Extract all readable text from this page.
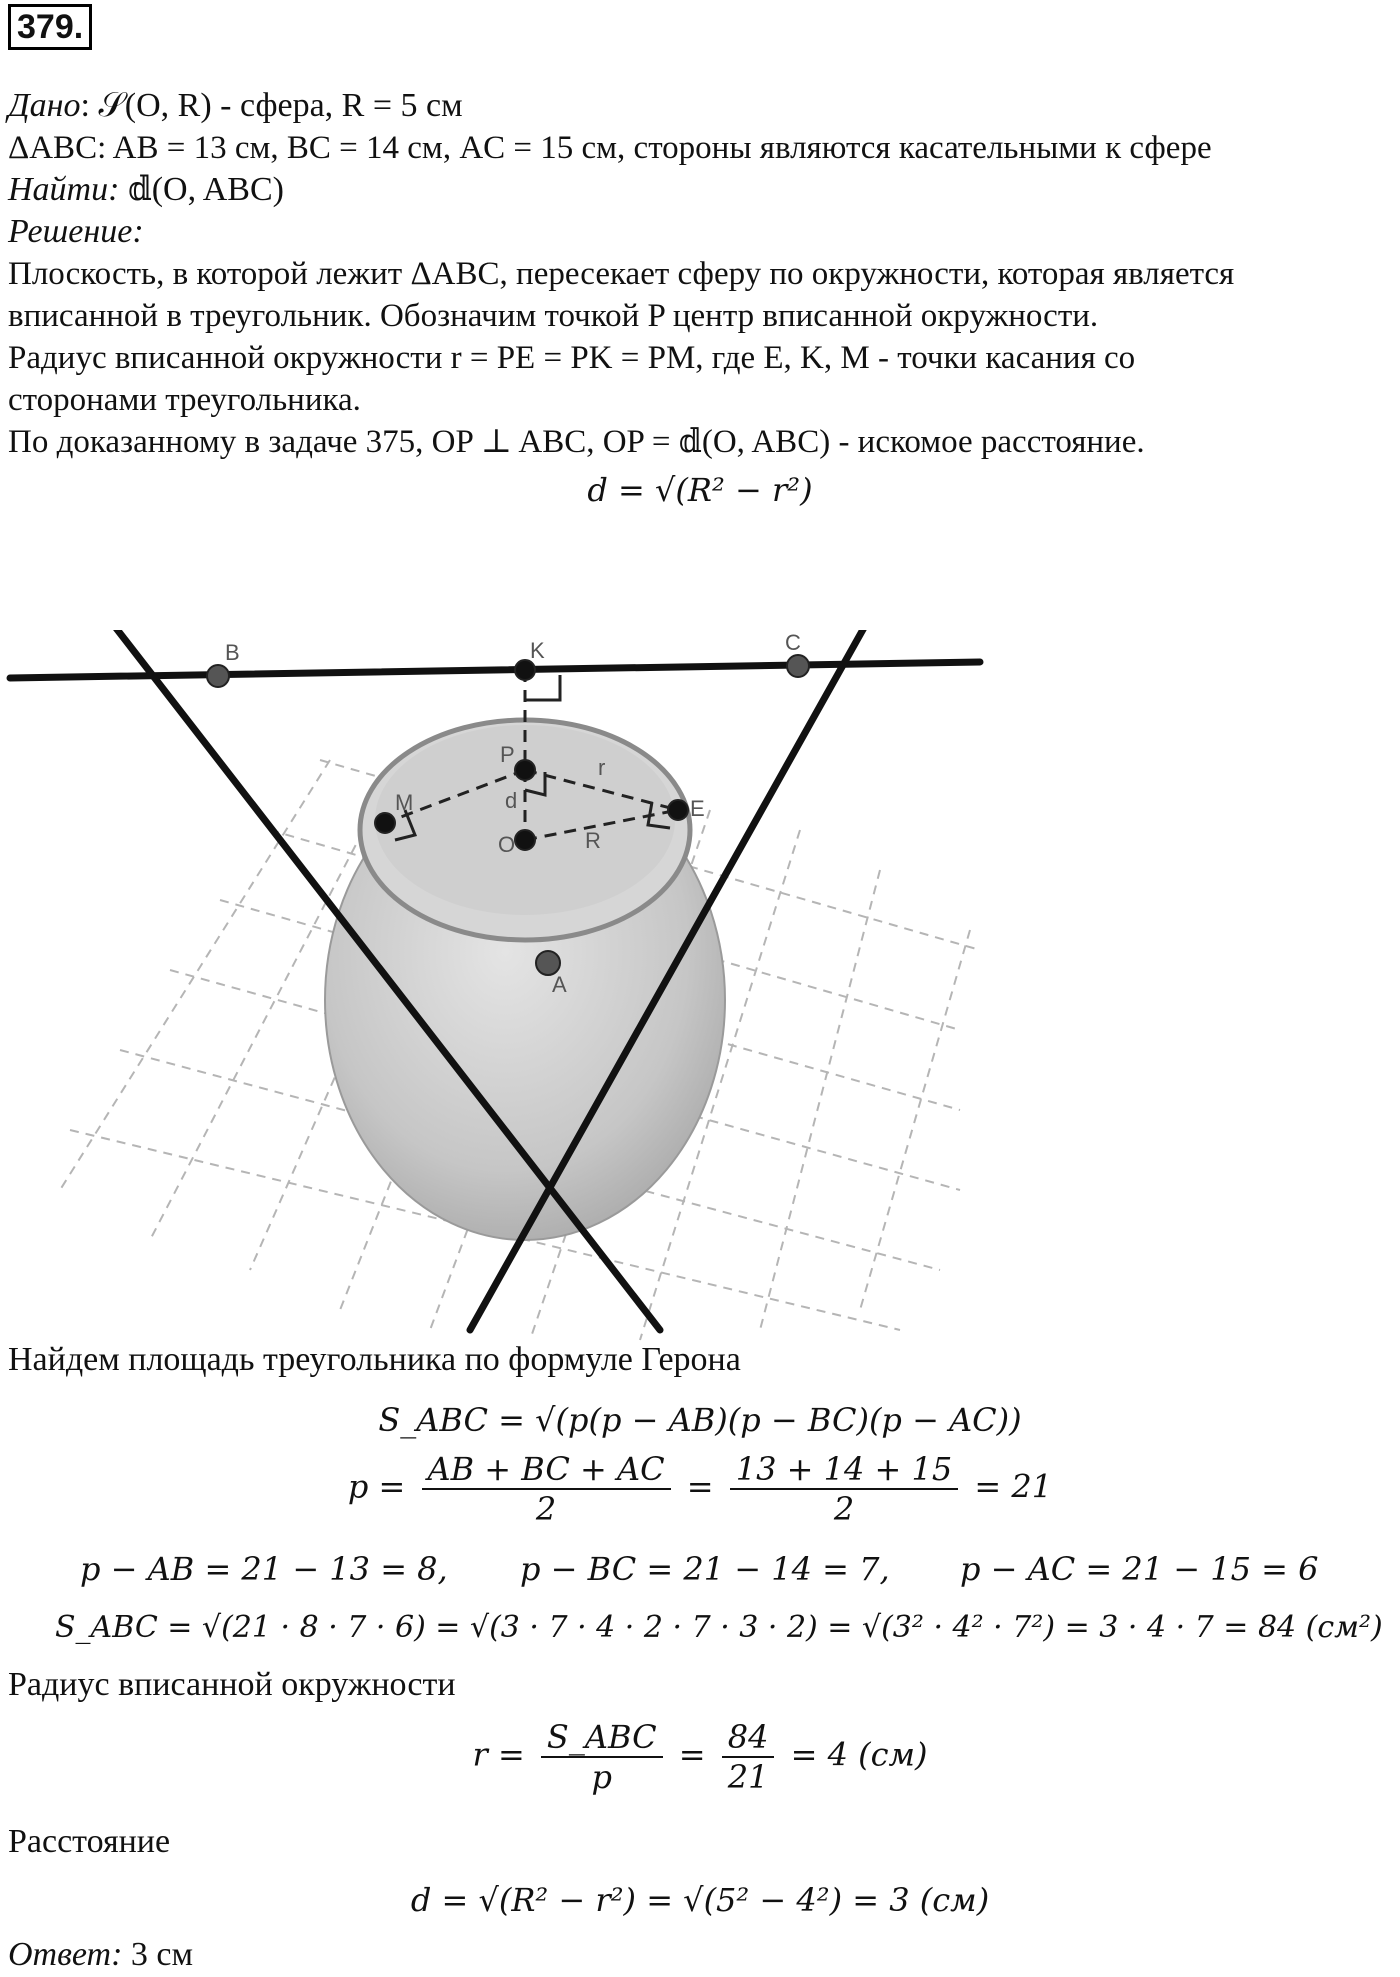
379.
Дано: 𝒮(O, R) - сфера, R = 5 см
ΔABC: AB = 13 см, BC = 14 см, AC = 15 см, стороны являются касательными к сфере
Найти: 𝕕(O, ABC)
Решение:
Плоскость, в которой лежит ΔABC, пересекает сферу по окружности, которая является
вписанной в треугольник. Обозначим точкой P центр вписанной окружности.
Радиус вписанной окружности r = PE = PK = PM, где E, K, M - точки касания со
сторонами треугольника.
По доказанному в задаче 375, OP ⊥ ABC, OP = 𝕕(O, ABC) - искомое расстояние.
d = √(R² − r²)
B	K	C
P
r
d
M	E
O	R
A
Найдем площадь треугольника по формуле Герона
S_ABC = √(p(p − AB)(p − BC)(p − AC))
$p = \frac{AB + BC + AC}{2} = \frac{13 + 14 + 15}{2} = 21$
p − AB = 21 − 13 = 8, p − BC = 21 − 14 = 7, p − AC = 21 − 15 = 6
S_ABC = √(21 · 8 · 7 · 6) = √(3 · 7 · 4 · 2 · 7 · 3 · 2) = √(3² · 4² · 7²) = 3 · 4 · 7 = 84 (см²)
Радиус вписанной окружности
$r = \frac{\text{S\_ABC}}{p} = \frac{84}{21} = 4$ (см)
Расстояние
d = √(R² − r²) = √(5² − 4²) = 3 (см)
Ответ: 3 см
